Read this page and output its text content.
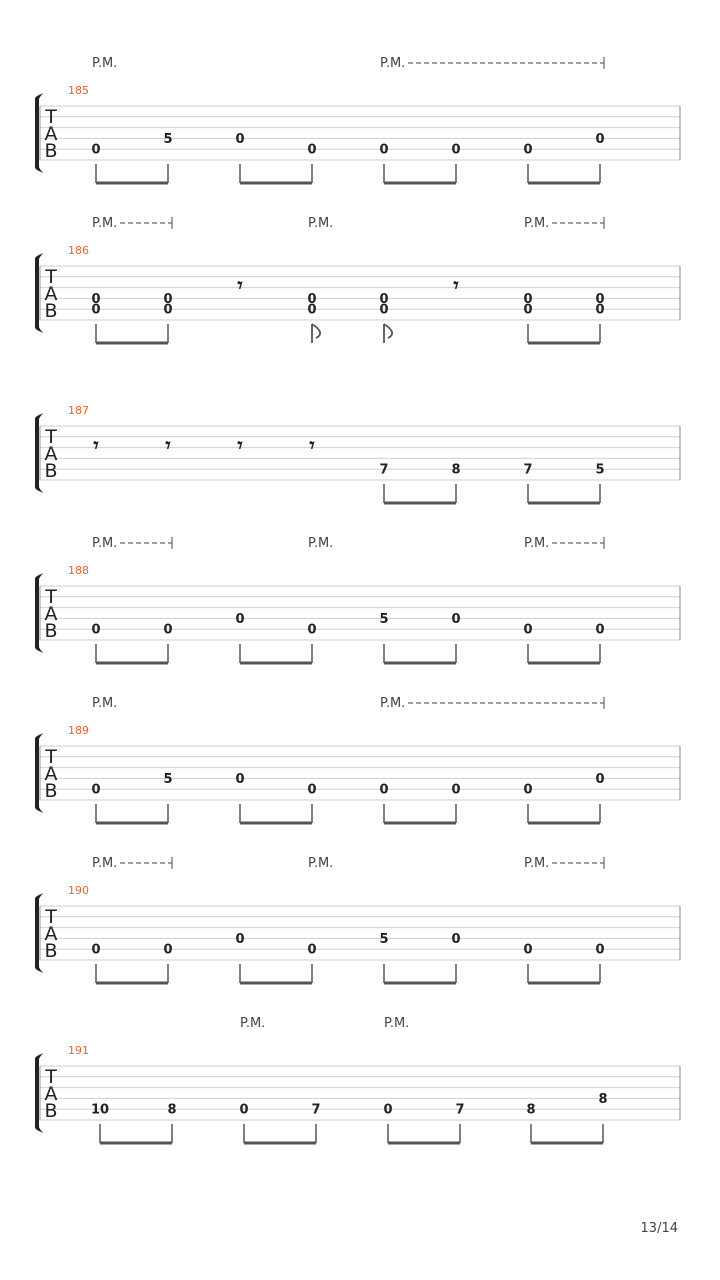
T
A
B
185
P.M.	P.M.
0
5	0
0	0	0	0
0
T
A
B
186
P.M.	P.M.	P.M.
0
0
0
0
𝄾
0
0
0
0
𝄾
0
0
0
0
T
A
B
187
𝄾	𝄾	𝄾	𝄾
7	8	7	5
T
A
B
188
P.M.	P.M.	P.M.
0	0
0
0
5	0
0	0
T
A
B
189
P.M.	P.M.
0
5	0
0	0	0	0
0
T
A
B
190
P.M.	P.M.	P.M.
0	0
0
0
5	0
0	0
T
A
B
191
P.M.	P.M.
10	8	0	7	0	7	8
8
13/14
